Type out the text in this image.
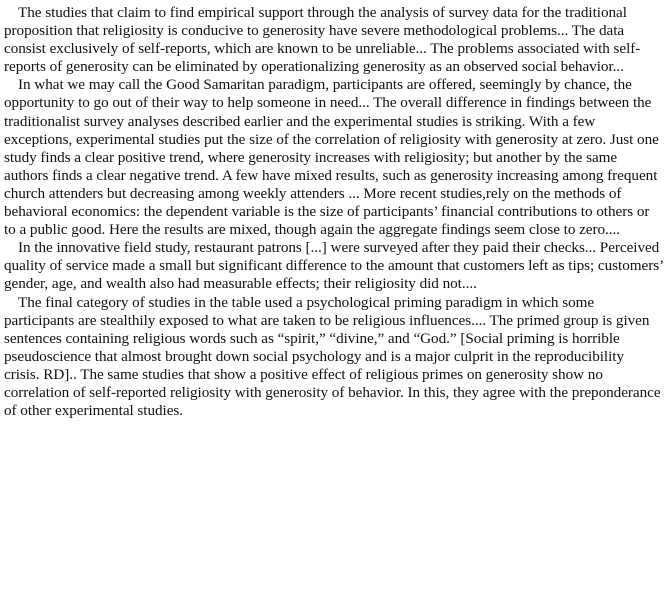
The studies that claim to find empirical support through the analysis of survey data for the traditional proposition that religiosity is conducive to generosity have severe methodological problems... The data consist exclusively of self-reports, which are known to be unreliable... The problems associated with self-reports of generosity can be eliminated by operationalizing generosity as an observed social behavior...

In what we may call the Good Samaritan paradigm, participants are offered, seemingly by chance, the opportunity to go out of their way to help someone in need... The overall difference in findings between the traditionalist survey analyses described earlier and the experimental studies is striking. With a few exceptions, experimental studies put the size of the correlation of religiosity with generosity at zero. Just one study finds a clear positive trend, where generosity increases with religiosity; but another by the same authors finds a clear negative trend. A few have mixed results, such as generosity increasing among frequent church attenders but decreasing among weekly attenders ... More recent studies,rely on the methods of behavioral economics: the dependent variable is the size of participants’ financial contributions to others or to a public good. Here the results are mixed, though again the aggregate findings seem close to zero....

In the innovative field study, restaurant patrons [...] were surveyed after they paid their checks... Perceived quality of service made a small but significant difference to the amount that customers left as tips; customers’ gender, age, and wealth also had measurable effects; their religiosity did not....

The final category of studies in the table used a psychological priming paradigm in which some participants are stealthily exposed to what are taken to be religious influences.... The primed group is given sentences containing religious words such as “spirit,” “divine,” and “God.” [Social priming is horrible pseudoscience that almost brought down social psychology and is a major culprit in the reproducibility crisis. RD].. The same studies that show a positive effect of religious primes on generosity show no correlation of self-reported religiosity with generosity of behavior. In this, they agree with the preponderance of other experimental studies.
